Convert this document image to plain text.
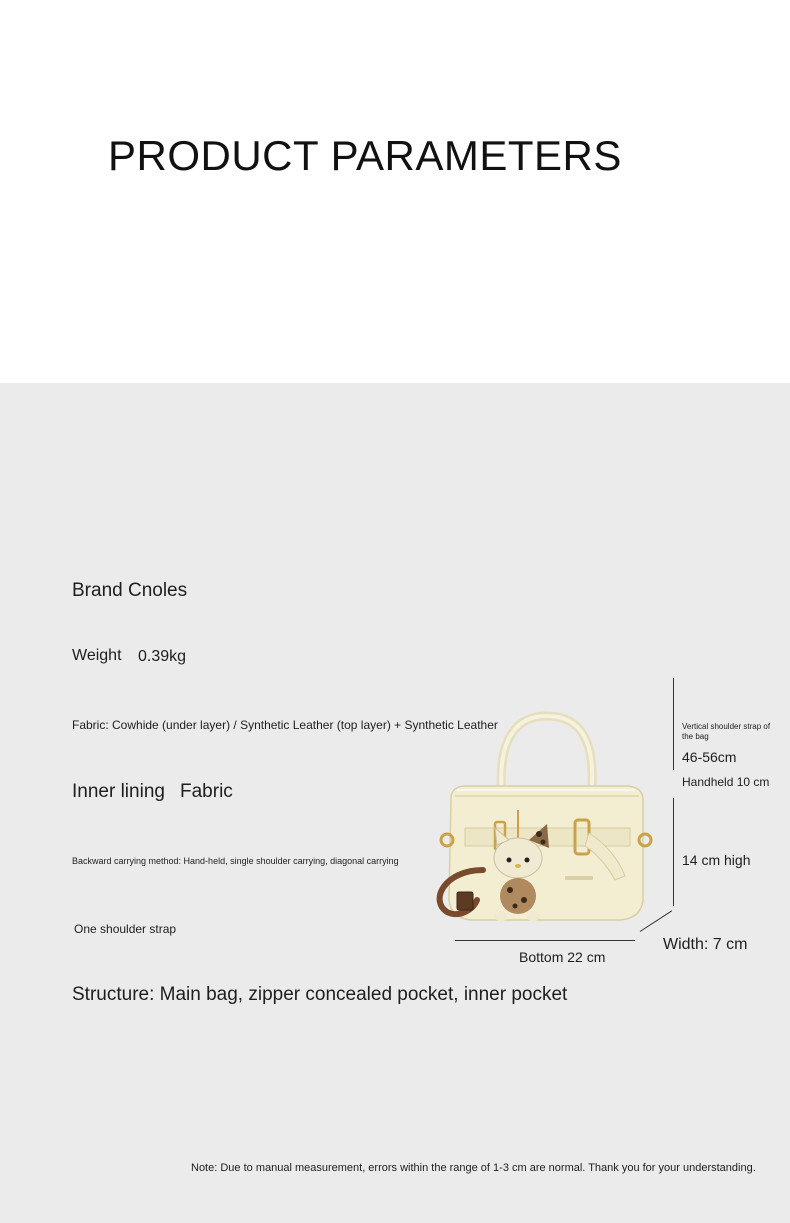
PRODUCT PARAMETERS
Brand Cnoles
Weight 0.39kg
Fabric: Cowhide (under layer) / Synthetic Leather (top layer) + Synthetic Leather
Inner lining Fabric
Backward carrying method: Hand-held, single shoulder carrying, diagonal carrying
One shoulder strap
Structure: Main bag, zipper concealed pocket, inner pocket
Vertical shoulder strap of the bag
46-56cm
Handheld 10 cm
14 cm high
Bottom 22 cm
Width: 7 cm
Note: Due to manual measurement, errors within the range of 1-3 cm are normal. Thank you for your understanding.
